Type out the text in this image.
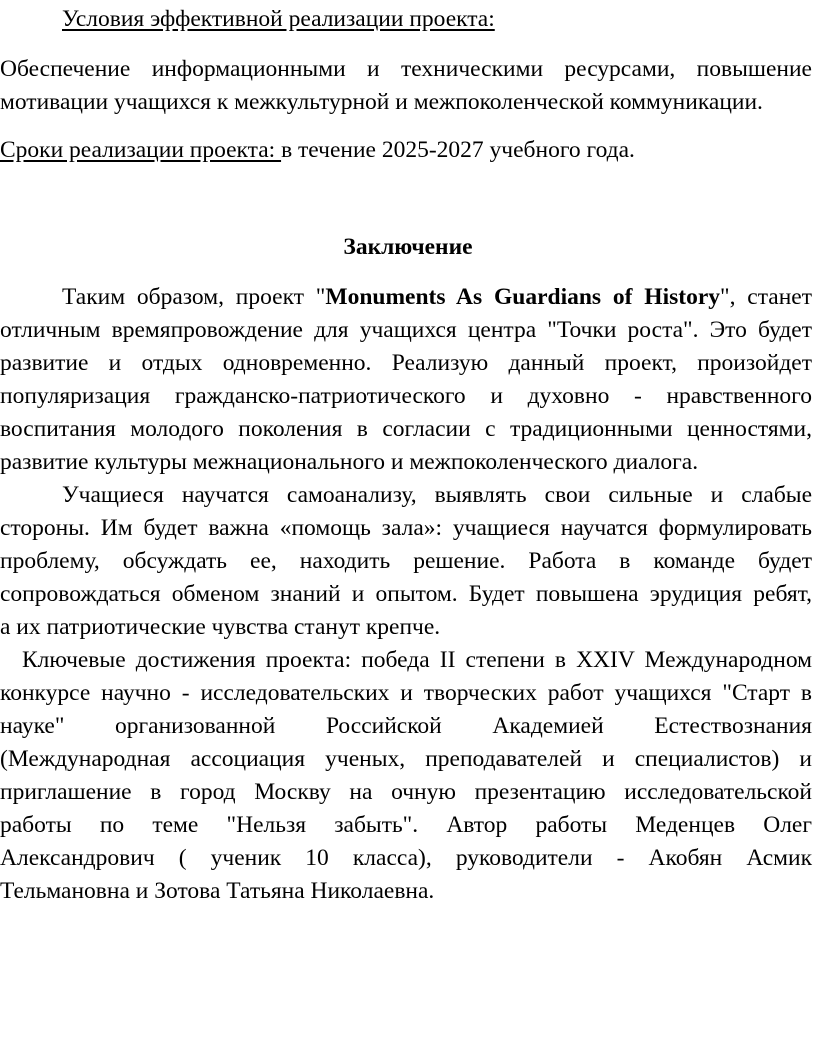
Условия эффективной реализации проекта:
Обеспечение информационными и техническими ресурсами, повышение
мотивации учащихся к межкультурной и межпоколенческой коммуникации.
Сроки реализации проекта: в течение 2025-2027 учебного года.
Заключение
Таким образом, проект "Monuments As Guardians of History", станет
отличным времяпровождение для учащихся центра "Точки роста". Это будет
развитие и отдых одновременно. Реализую данный проект, произойдет
популяризация гражданско-патриотического и духовно - нравственного
воспитания молодого поколения в согласии с традиционными ценностями,
развитие культуры межнационального и межпоколенческого диалога.
Учащиеся научатся самоанализу, выявлять свои сильные и слабые
стороны. Им будет важна «помощь зала»: учащиеся научатся формулировать
проблему, обсуждать ее, находить решение. Работа в команде будет
сопровождаться обменом знаний и опытом. Будет повышена эрудиция ребят,
а их патриотические чувства станут крепче.
Ключевые достижения проекта: победа II степени в XXIV Международном
конкурсе научно - исследовательских и творческих работ учащихся "Старт в
науке" организованной Российской Академией Естествознания
(Международная ассоциация ученых, преподавателей и специалистов) и
приглашение в город Москву на очную презентацию исследовательской
работы по теме "Нельзя забыть". Автор работы Меденцев Олег
Александрович ( ученик 10 класса), руководители - Акобян Асмик
Тельмановна и Зотова Татьяна Николаевна.
